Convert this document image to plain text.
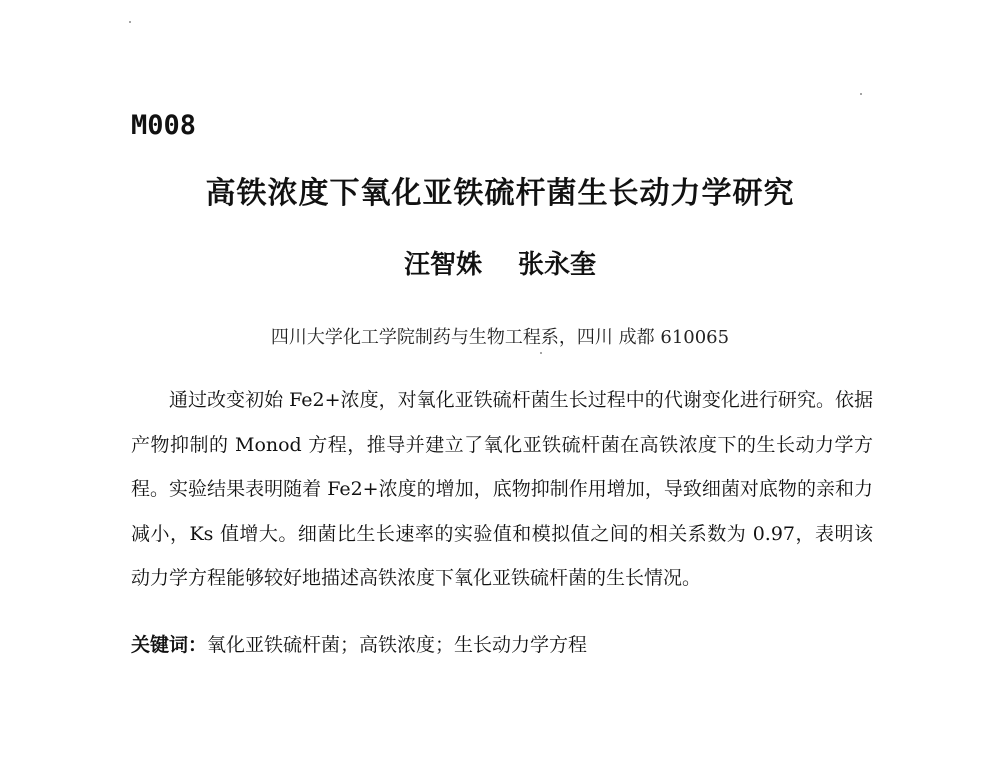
M008
高铁浓度下氧化亚铁硫杆菌生长动力学研究
汪智姝 张永奎
四川大学化工学院制药与生物工程系，四川 成都 610065

通过改变初始 Fe2+浓度，对氧化亚铁硫杆菌生长过程中的代谢变化进行研究。依据产物抑制的 Monod 方程，推导并建立了氧化亚铁硫杆菌在高铁浓度下的生长动力学方程。实验结果表明随着 Fe2+浓度的增加，底物抑制作用增加，导致细菌对底物的亲和力减小，Ks 值增大。细菌比生长速率的实验值和模拟值之间的相关系数为 0.97，表明该动力学方程能够较好地描述高铁浓度下氧化亚铁硫杆菌的生长情况。

关键词：氧化亚铁硫杆菌；高铁浓度；生长动力学方程
